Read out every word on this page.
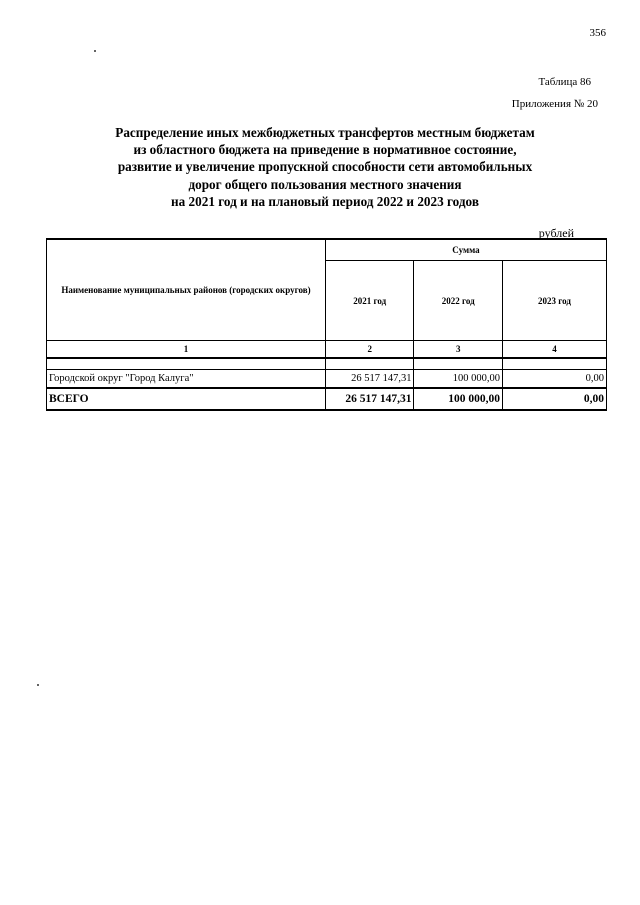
356
Таблица 86
Приложения № 20
Распределение иных межбюджетных трансфертов местным бюджетам
из областного бюджета на приведение в нормативное состояние,
развитие и увеличение пропускной способности сети автомобильных
дорог общего пользования местного значения
на 2021 год и на плановый период 2022 и 2023 годов
рублей
Наименование муниципальных районов (городских округов)	Сумма		
	2021 год	2022 год	2023 год
1	2	3	4

Городской округ "Город Калуга"	26 517 147,31	100 000,00	0,00
ВСЕГО	26 517 147,31	100 000,00	0,00
